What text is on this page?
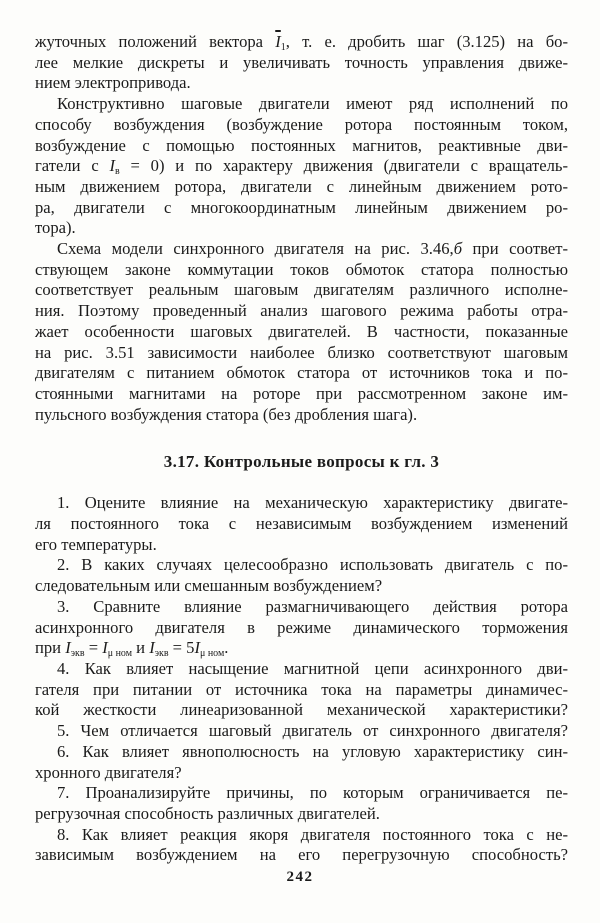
жуточных положений вектора $\overline{I}1$, т. е. дробить шаг (3.125) на бо-
лее мелкие дискреты и увеличивать точность управления движе-
нием электропривода.
Конструктивно шаговые двигатели имеют ряд исполнений по
способу возбуждения (возбуждение ротора постоянным током,
возбуждение с помощью постоянных магнитов, реактивные дви-
гатели с Iв = 0) и по характеру движения (двигатели с вращатель-
ным движением ротора, двигатели с линейным движением рото-
ра, двигатели с многокоординатным линейным движением ро-
тора).
Схема модели синхронного двигателя на рис. 3.46,б при соответ-
ствующем законе коммутации токов обмоток статора полностью
соответствует реальным шаговым двигателям различного исполне-
ния. Поэтому проведенный анализ шагового режима работы отра-
жает особенности шаговых двигателей. В частности, показанные
на рис. 3.51 зависимости наиболее близко соответствуют шаговым
двигателям с питанием обмоток статора от источников тока и по-
стоянными магнитами на роторе при рассмотренном законе им-
пульсного возбуждения статора (без дробления шага).
3.17. Контрольные вопросы к гл. 3
1. Оцените влияние на механическую характеристику двигате-
ля постоянного тока с независимым возбуждением изменений
его температуры.
2. В каких случаях целесообразно использовать двигатель с по-
следовательным или смешанным возбуждением?
3. Сравните влияние размагничивающего действия ротора
асинхронного двигателя в режиме динамического торможения
при Iэкв = Iμ ном и Iэкв = 5Iμ ном.
4. Как влияет насыщение магнитной цепи асинхронного дви-
гателя при питании от источника тока на параметры динамичес-
кой жесткости линеаризованной механической характеристики?
5. Чем отличается шаговый двигатель от синхронного двигателя?
6. Как влияет явнополюсность на угловую характеристику син-
хронного двигателя?
7. Проанализируйте причины, по которым ограничивается пе-
регрузочная способность различных двигателей.
8. Как влияет реакция якоря двигателя постоянного тока с не-
зависимым возбуждением на его перегрузочную способность?
242
